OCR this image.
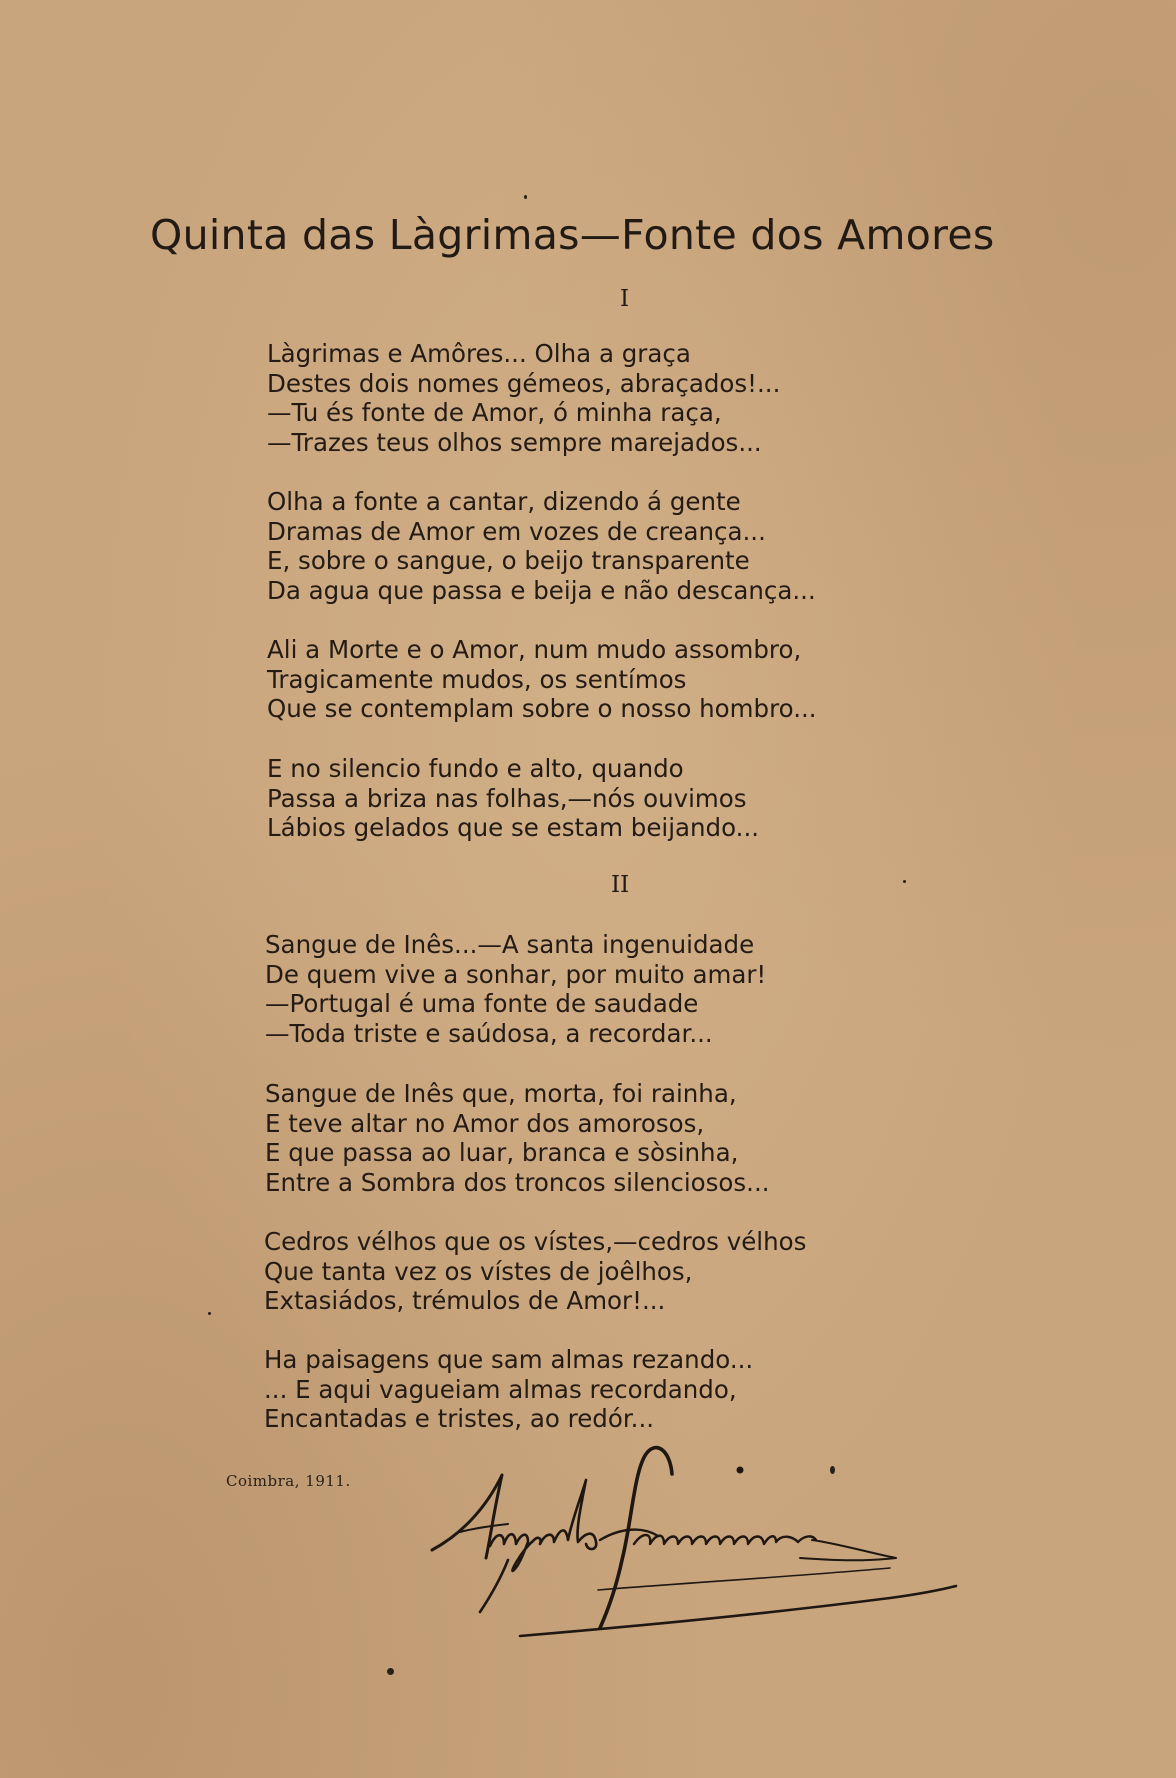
Quinta das Làgrimas—Fonte dos Amores

I

Làgrimas e Amôres... Olha a graça
Destes dois nomes gémeos, abraçados!...
—Tu és fonte de Amor, ó minha raça,
—Trazes teus olhos sempre marejados...

Olha a fonte a cantar, dizendo á gente
Dramas de Amor em vozes de creança...
E, sobre o sangue, o beijo transparente
Da agua que passa e beija e não descança...

Ali a Morte e o Amor, num mudo assombro,
Tragicamente mudos, os sentímos
Que se contemplam sobre o nosso hombro...

E no silencio fundo e alto, quando
Passa a briza nas folhas,—nós ouvimos
Lábios gelados que se estam beijando...

II

Sangue de Inês...—A santa ingenuidade
De quem vive a sonhar, por muito amar!
—Portugal é uma fonte de saudade
—Toda triste e saúdosa, a recordar...

Sangue de Inês que, morta, foi rainha,
E teve altar no Amor dos amorosos,
E que passa ao luar, branca e sòsinha,
Entre a Sombra dos troncos silenciosos...

Cedros vélhos que os vístes,—cedros vélhos
Que tanta vez os vístes de joêlhos,
Extasiádos, trémulos de Amor!...

Ha paisagens que sam almas rezando...
... E aqui vagueiam almas recordando,
Encantadas e tristes, ao redór...

Coimbra, 1911.
